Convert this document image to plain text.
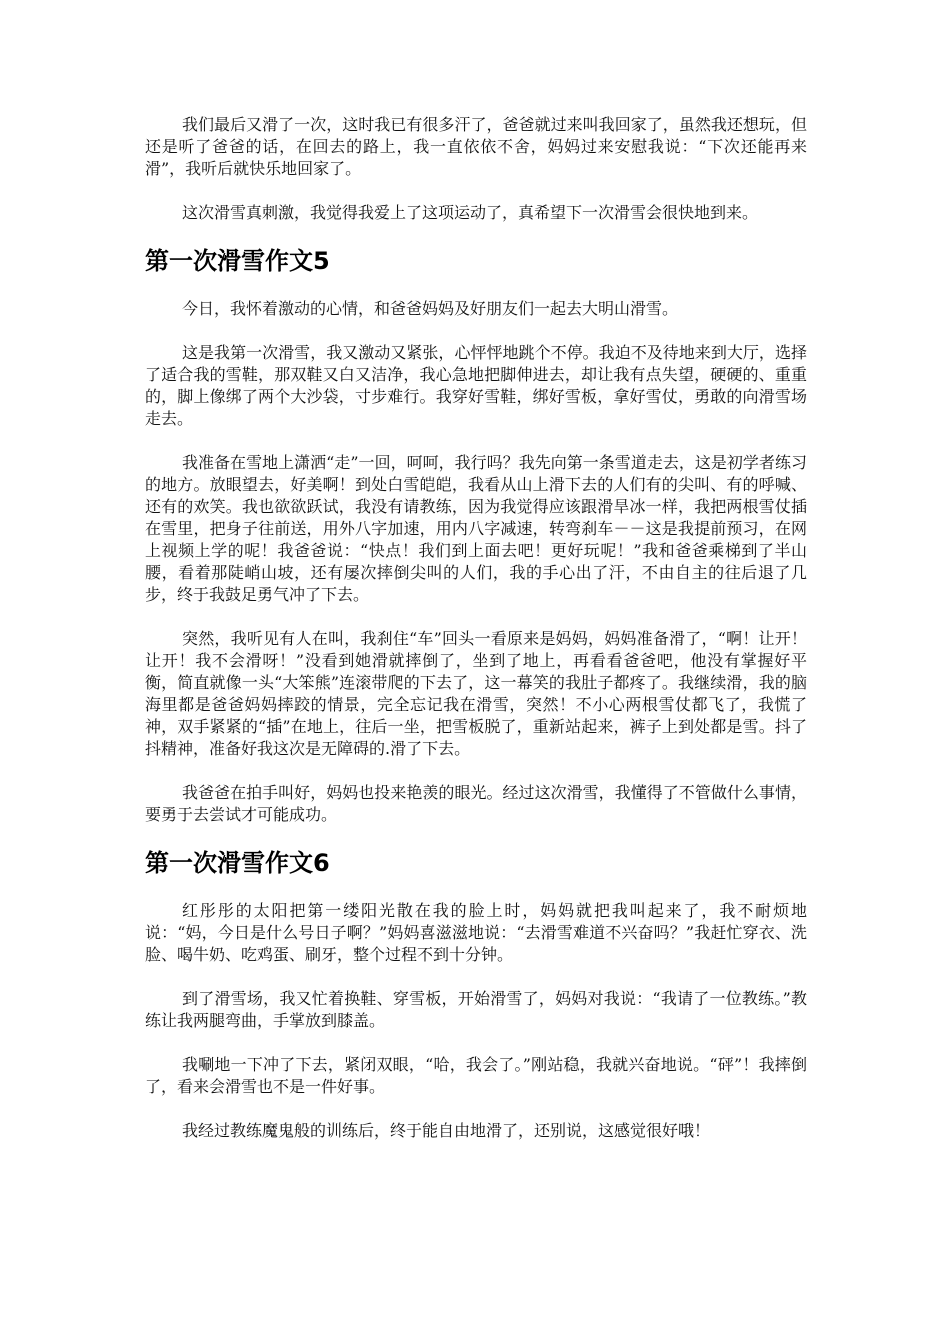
我们最后又滑了一次，这时我已有很多汗了，爸爸就过来叫我回家了，虽然我还想玩，但还是听了爸爸的话，在回去的路上，我一直依依不舍，妈妈过来安慰我说：“下次还能再来滑”，我听后就快乐地回家了。

这次滑雪真刺激，我觉得我爱上了这项运动了，真希望下一次滑雪会很快地到来。

第一次滑雪作文5

今日，我怀着激动的心情，和爸爸妈妈及好朋友们一起去大明山滑雪。

这是我第一次滑雪，我又激动又紧张，心怦怦地跳个不停。我迫不及待地来到大厅，选择了适合我的雪鞋，那双鞋又白又洁净，我心急地把脚伸进去，却让我有点失望，硬硬的、重重的，脚上像绑了两个大沙袋，寸步难行。我穿好雪鞋，绑好雪板，拿好雪仗，勇敢的向滑雪场走去。

我准备在雪地上潇洒“走”一回，呵呵，我行吗？我先向第一条雪道走去，这是初学者练习的地方。放眼望去，好美啊！到处白雪皑皑，我看从山上滑下去的人们有的尖叫、有的呼喊、还有的欢笑。我也欲欲跃试，我没有请教练，因为我觉得应该跟滑旱冰一样，我把两根雪仗插在雪里，把身子往前送，用外八字加速，用内八字减速，转弯刹车－－这是我提前预习，在网上视频上学的呢！我爸爸说：“快点！我们到上面去吧！更好玩呢！”我和爸爸乘梯到了半山腰，看着那陡峭山坡，还有屡次摔倒尖叫的人们，我的手心出了汗，不由自主的往后退了几步，终于我鼓足勇气冲了下去。

突然，我听见有人在叫，我刹住“车”回头一看原来是妈妈，妈妈准备滑了，“啊！让开！让开！我不会滑呀！”没看到她滑就摔倒了，坐到了地上，再看看爸爸吧，他没有掌握好平衡，简直就像一头“大笨熊”连滚带爬的下去了，这一幕笑的我肚子都疼了。我继续滑，我的脑海里都是爸爸妈妈摔跤的情景，完全忘记我在滑雪，突然！不小心两根雪仗都飞了，我慌了神，双手紧紧的“插”在地上，往后一坐，把雪板脱了，重新站起来，裤子上到处都是雪。抖了抖精神，准备好我这次是无障碍的.滑了下去。

我爸爸在拍手叫好，妈妈也投来艳羡的眼光。经过这次滑雪，我懂得了不管做什么事情，要勇于去尝试才可能成功。

第一次滑雪作文6

红彤彤的太阳把第一缕阳光散在我的脸上时，妈妈就把我叫起来了，我不耐烦地说：“妈，今日是什么号日子啊？”妈妈喜滋滋地说：“去滑雪难道不兴奋吗？”我赶忙穿衣、洗脸、喝牛奶、吃鸡蛋、刷牙，整个过程不到十分钟。

到了滑雪场，我又忙着换鞋、穿雪板，开始滑雪了，妈妈对我说：“我请了一位教练。”教练让我两腿弯曲，手掌放到膝盖。

我唰地一下冲了下去，紧闭双眼，“哈，我会了。”刚站稳，我就兴奋地说。“砰”！我摔倒了，看来会滑雪也不是一件好事。

我经过教练魔鬼般的训练后，终于能自由地滑了，还别说，这感觉很好哦！
